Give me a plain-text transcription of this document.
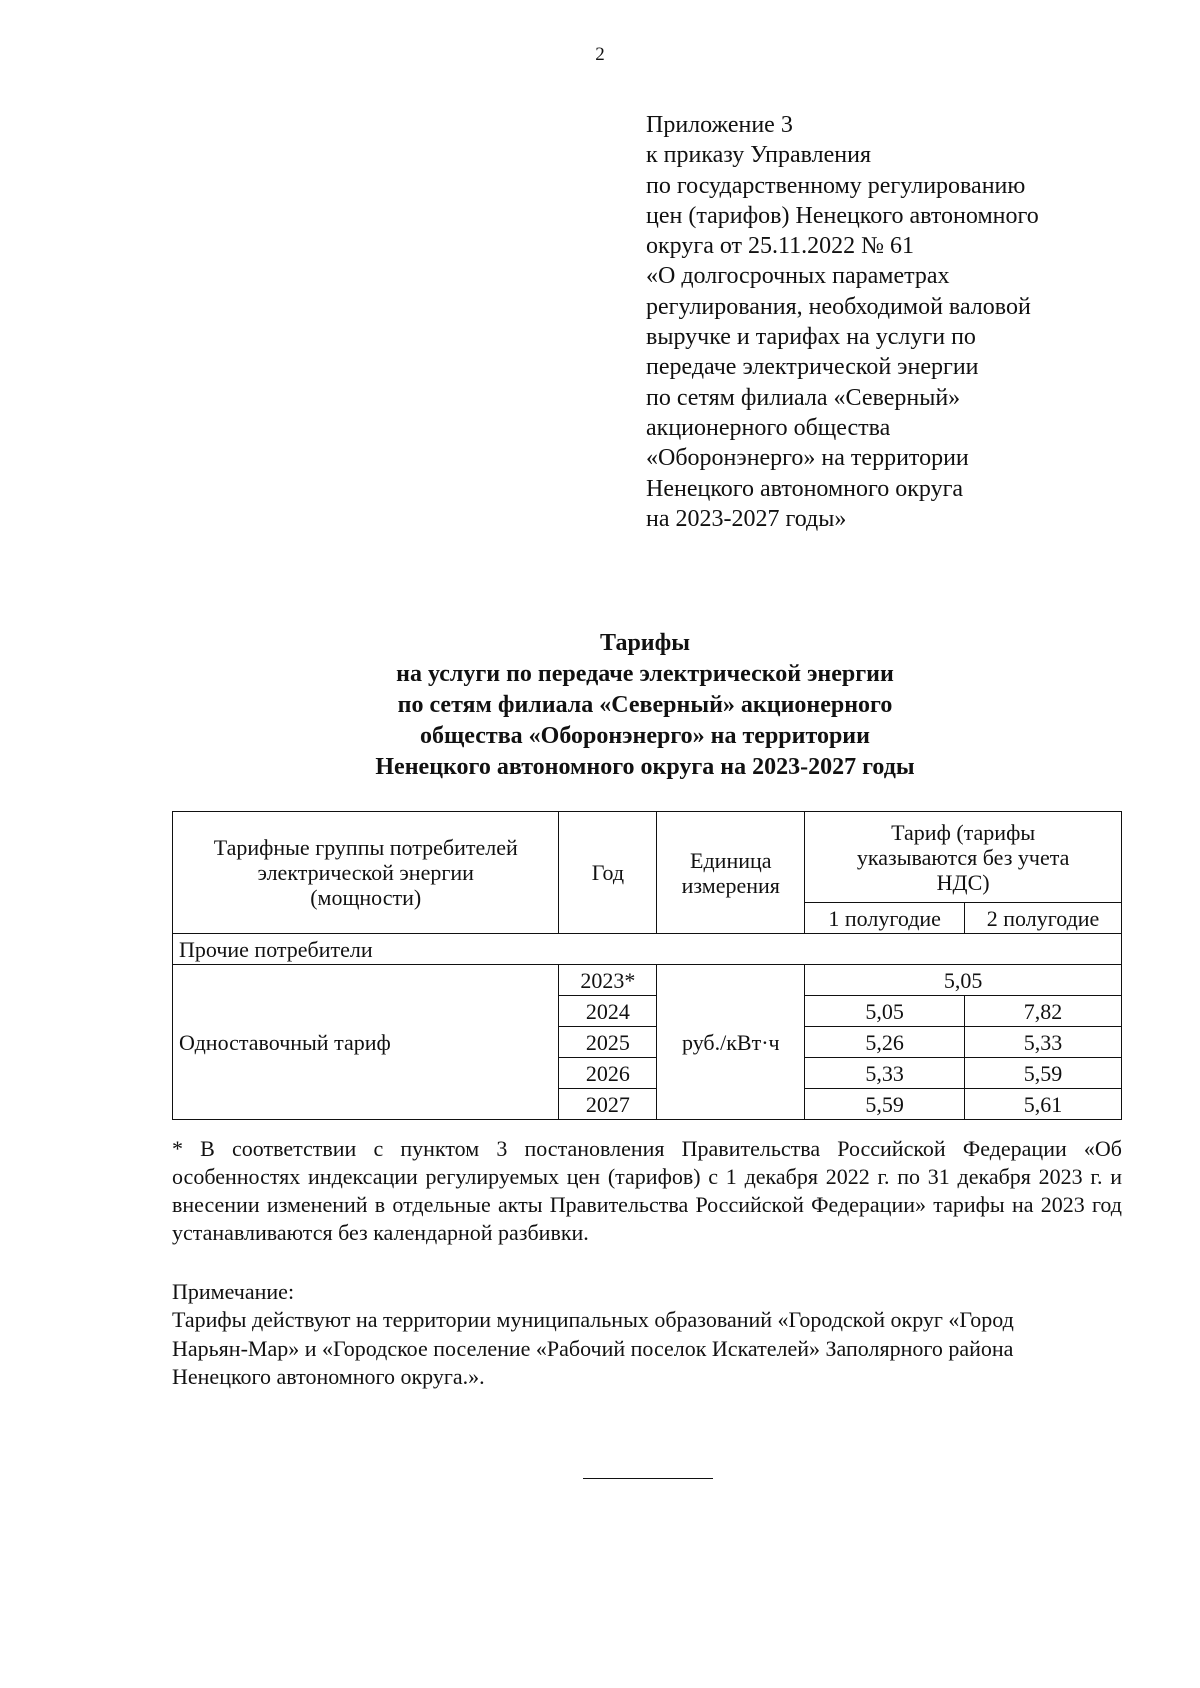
2
Приложение 3
к приказу Управления
по государственному регулированию
цен (тарифов) Ненецкого автономного
округа от 25.11.2022 № 61
«О долгосрочных параметрах
регулирования, необходимой валовой
выручке и тарифах на услуги по
передаче электрической энергии
по сетям филиала «Северный»
акционерного общества
«Оборонэнерго» на территории
Ненецкого автономного округа
на 2023-2027 годы»
Тарифы
на услуги по передаче электрической энергии
по сетям филиала «Северный» акционерного
общества «Оборонэнерго» на территории
Ненецкого автономного округа на 2023-2027 годы
Тарифные группы потребителей электрической энергии (мощности)	Год	Единица измерения	Тариф (тарифы указываются без учета НДС)	
			1 полугодие	2 полугодие
Прочие потребители				
Одноставочный тариф	2023*	руб./кВт·ч	5,05	
	2024		5,05	7,82
	2025		5,26	5,33
	2026		5,33	5,59
	2027		5,59	5,61
* В соответствии с пунктом 3 постановления Правительства Российской Федерации «Об особенностях индексации регулируемых цен (тарифов) с 1 декабря 2022 г. по 31 декабря 2023 г. и внесении изменений в отдельные акты Правительства Российской Федерации» тарифы на 2023 год устанавливаются без календарной разбивки.
Примечание:
Тарифы действуют на территории муниципальных образований «Городской округ «Город
Нарьян-Мар» и «Городское поселение «Рабочий поселок Искателей» Заполярного района
Ненецкого автономного округа.».
